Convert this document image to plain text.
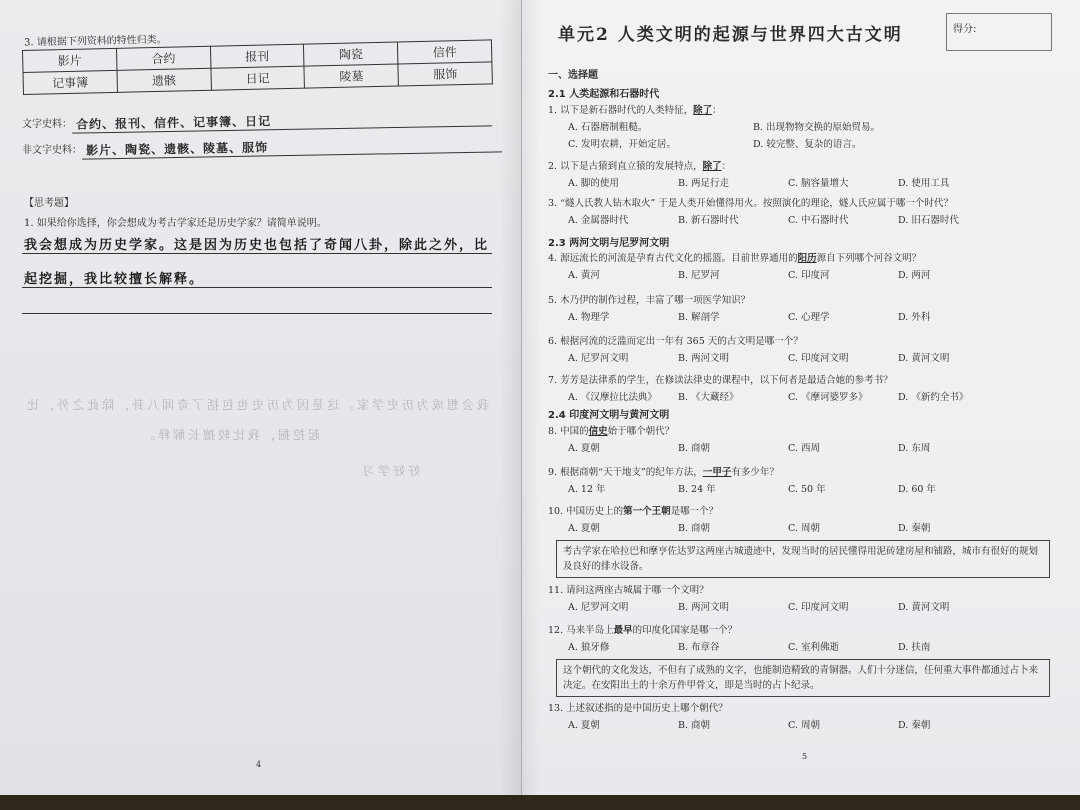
3. 请根据下列资料的特性归类。
影片	合约	报刊	陶瓷	信件
记事簿	遗骸	日记	陵墓	服饰
文字史料： 合约、报刊、信件、记事簿、日记
非文字史料： 影片、陶瓷、遗骸、陵墓、服饰
【思考题】
1. 如果给你选择，你会想成为考古学家还是历史学家？请简单说明。
我会想成为历史学家。这是因为历史也包括了奇闻八卦，除此之外，比
起挖掘，我比较擅长解释。
我会想成为历史学家。这是因为历史也包括了奇闻八卦，除此之外，比
起挖掘，我比较擅长解释。
好好学习
4
单元2 人类文明的起源与世界四大古文明	得分:
一、选择题
2.1 人类起源和石器时代
1. 以下是新石器时代的人类特征，除了：
A. 石器磨制粗糙。	B. 出现物物交换的原始贸易。
C. 发明农耕，开始定居。	D. 较完整、复杂的语言。
2. 以下是古猿到直立猿的发展特点，除了：
A. 脚的使用	B. 两足行走	C. 脑容量增大	D. 使用工具
3. “燧人氏教人钻木取火” 于是人类开始懂得用火。按照演化的理论，燧人氏应属于哪一个时代？
A. 金属器时代	B. 新石器时代	C. 中石器时代	D. 旧石器时代
2.3 两河文明与尼罗河文明
4. 源远流长的河流是孕育古代文化的摇篮。目前世界通用的阳历源自下列哪个河谷文明？
A. 黄河	B. 尼罗河	C. 印度河	D. 两河
5. 木乃伊的制作过程，丰富了哪一项医学知识？
A. 物理学	B. 解剖学	C. 心理学	D. 外科
6. 根据河流的泛滥而定出一年有 365 天的古文明是哪一个？
A. 尼罗河文明	B. 两河文明	C. 印度河文明	D. 黄河文明
7. 芳芳是法律系的学生，在修读法律史的课程中，以下何者是最适合她的参考书？
A. 《汉摩拉比法典》	B. 《大藏经》	C. 《摩诃婆罗多》	D. 《新约全书》
2.4 印度河文明与黄河文明
8. 中国的信史始于哪个朝代？
A. 夏朝	B. 商朝	C. 西周	D. 东周
9. 根据商朝“天干地支”的纪年方法，一甲子有多少年？
A. 12 年	B. 24 年	C. 50 年	D. 60 年
10. 中国历史上的第一个王朝是哪一个？
A. 夏朝	B. 商朝	C. 周朝	D. 秦朝
考古学家在哈拉巴和摩亨佐达罗这两座古城遗迹中，发现当时的居民懂得用泥砖建房屋和铺路，城市有很好的规划及良好的排水设备。
11. 请问这两座古城属于哪一个文明？
A. 尼罗河文明	B. 两河文明	C. 印度河文明	D. 黄河文明
12. 马来半岛上最早的印度化国家是哪一个？
A. 狼牙修	B. 布章谷	C. 室利佛逝	D. 扶南
这个朝代的文化发达，不但有了成熟的文字，也能制造精致的青铜器。人们十分迷信，任何重大事件都通过占卜来决定。在安阳出土的十余万件甲骨文，即是当时的占卜纪录。
13. 上述叙述指的是中国历史上哪个朝代？
A. 夏朝	B. 商朝	C. 周朝	D. 秦朝
5
